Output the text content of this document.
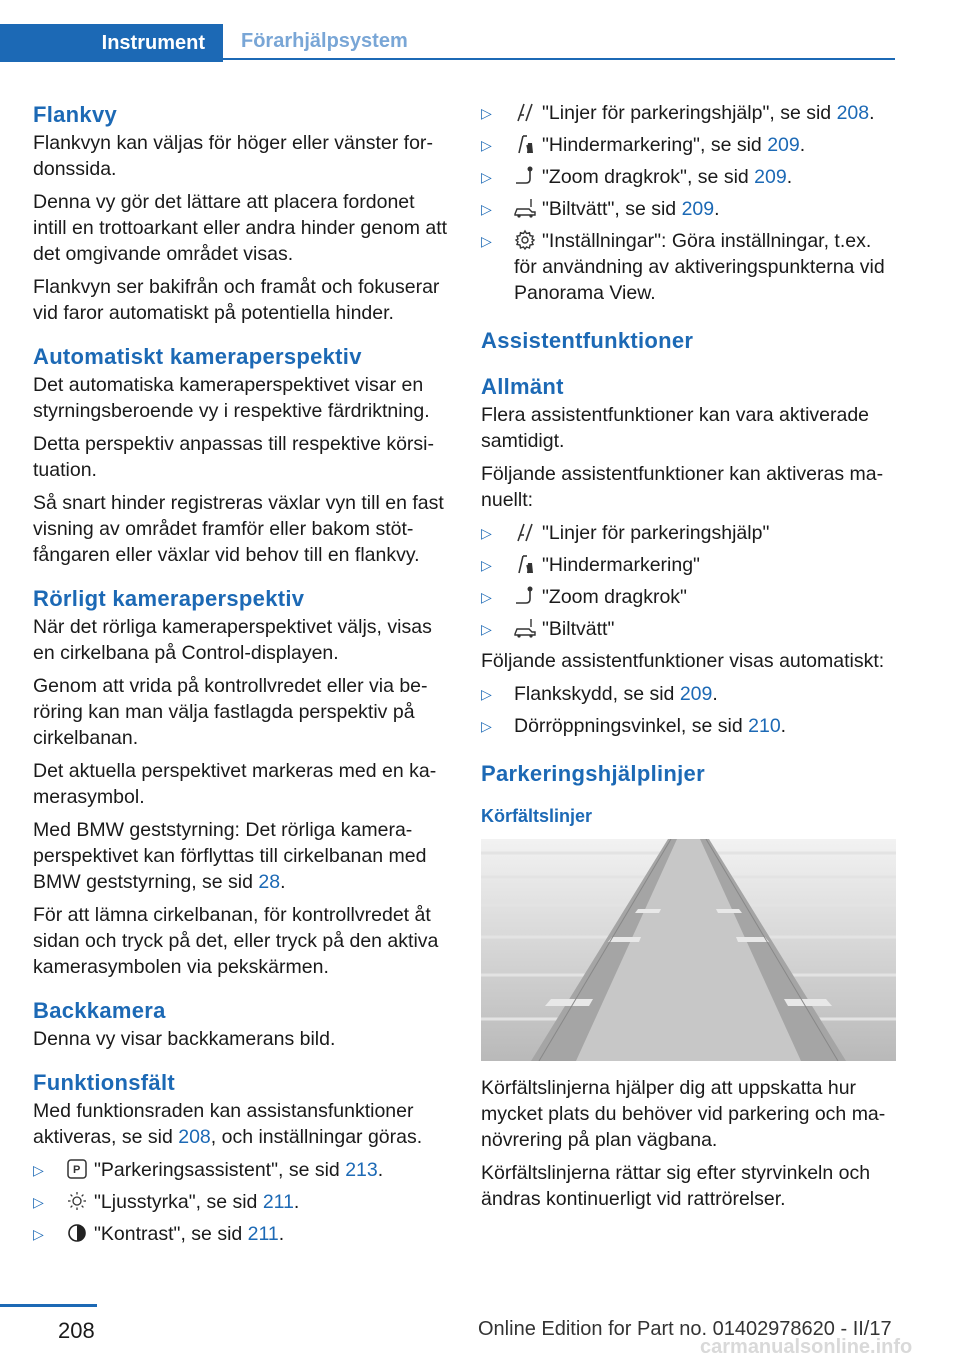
Instrument	Förarhjälpsystem
Flankvy

Flankvyn kan väljas för höger eller vänster fordonssida.

Denna vy gör det lättare att placera fordonet intill en trottoarkant eller andra hinder genom att det omgivande området visas.

Flankvyn ser bakifrån och framåt och fokuserar vid faror automatiskt på potentiella hinder.

Automatiskt kameraperspektiv

Det automatiska kameraperspektivet visar en styrningsberoende vy i respektive färdriktning.

Detta perspektiv anpassas till respektive körsituation.

Så snart hinder registreras växlar vyn till en fast visning av området framför eller bakom stötfångaren eller växlar vid behov till en flankvy.

Rörligt kameraperspektiv

När det rörliga kameraperspektivet väljs, visas en cirkelbana på Control-displayen.

Genom att vrida på kontrollvredet eller via beröring kan man välja fastlagda perspektiv på cirkelbanan.

Det aktuella perspektivet markeras med en kamerasymbol.

Med BMW geststyrning: Det rörliga kameraperspektivet kan förflyttas till cirkelbanan med BMW geststyrning, se sid 28.

För att lämna cirkelbanan, för kontrollvredet åt sidan och tryck på det, eller tryck på den aktiva kamerasymbolen via pekskärmen.

Backkamera

Denna vy visar backkamerans bild.

Funktionsfält

Med funktionsraden kan assistansfunktioner aktiveras, se sid 208, och inställningar göras.

▷	P "Parkeringsassistent", se sid 213.
▷	"Ljusstyrka", se sid 211.
▷	"Kontrast", se sid 211.
▷	"Linjer för parkeringshjälp", se sid 208.
▷	"Hindermarkering", se sid 209.
▷	"Zoom dragkrok", se sid 209.
▷	"Biltvätt", se sid 209.
▷	"Inställningar": Göra inställningar, t.ex. för användning av aktiveringspunkterna vid Panorama View.
Assistentfunktioner
Allmänt

Flera assistentfunktioner kan vara aktiverade samtidigt.

Följande assistentfunktioner kan aktiveras manuellt:

▷	"Linjer för parkeringshjälp"
▷	"Hindermarkering"
▷	"Zoom dragkrok"
▷	"Biltvätt"

Följande assistentfunktioner visas automatiskt:

▷ Flankskydd, se sid 209.
▷ Dörröppningsvinkel, se sid 210.
Parkeringshjälplinjer
Körfältslinjer

Körfältslinjerna hjälper dig att uppskatta hur mycket plats du behöver vid parkering och manövrering på plan vägbana.

Körfältslinjerna rättar sig efter styrvinkeln och ändras kontinuerligt vid rattrörelser.

208	Online Edition for Part no. 01402978620 - II/17
carmanualsonline.info
